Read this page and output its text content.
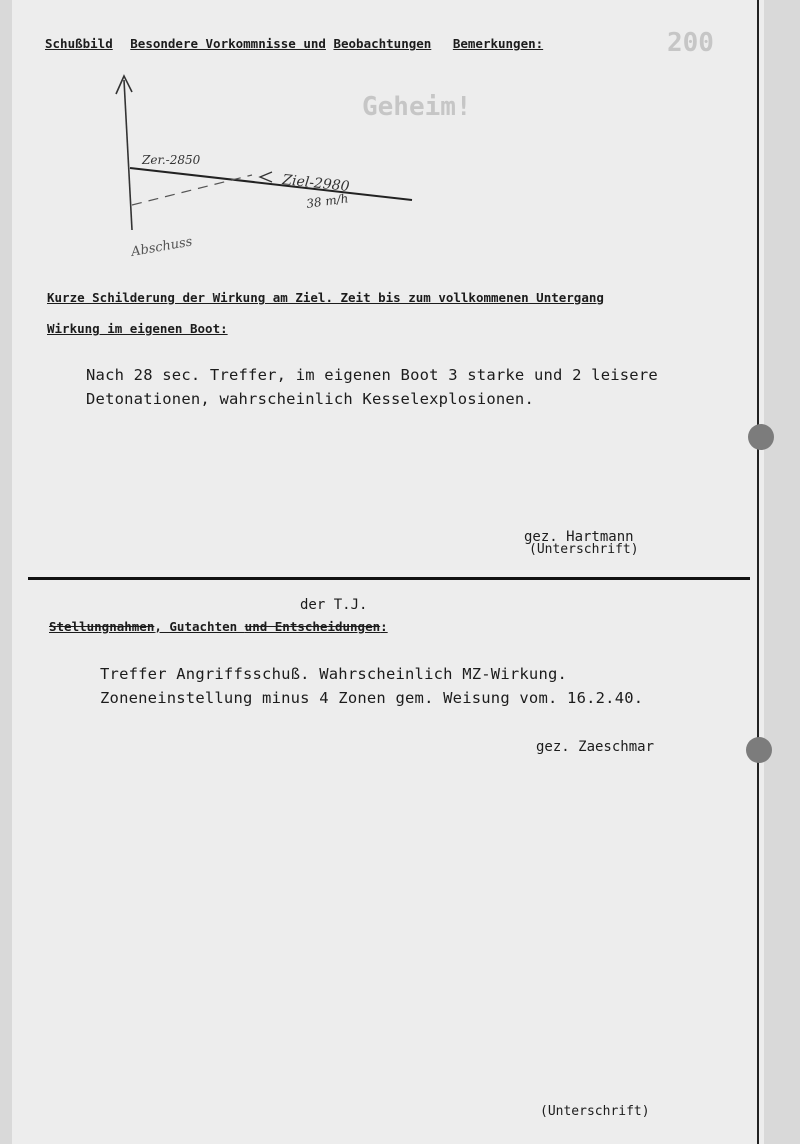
200
Geheim!
Schußbild Besondere Vorkommnisse und Beobachtungen Bemerkungen:
Zer.-2850
Ziel-2980
38 m/h
Abschuss
Kurze Schilderung der Wirkung am Ziel. Zeit bis zum vollkommenen Untergang
Wirkung im eigenen Boot:
Nach 28 sec. Treffer, im eigenen Boot 3 starke und 2 leisere
Detonationen, wahrscheinlich Kesselexplosionen.
gez. Hartmann
(Unterschrift)
der T.J.
Stellungnahmen, Gutachten und Entscheidungen:
Treffer Angriffsschuß. Wahrscheinlich MZ-Wirkung.
Zoneneinstellung minus 4 Zonen gem. Weisung vom. 16.2.40.
gez. Zaeschmar
(Unterschrift)
